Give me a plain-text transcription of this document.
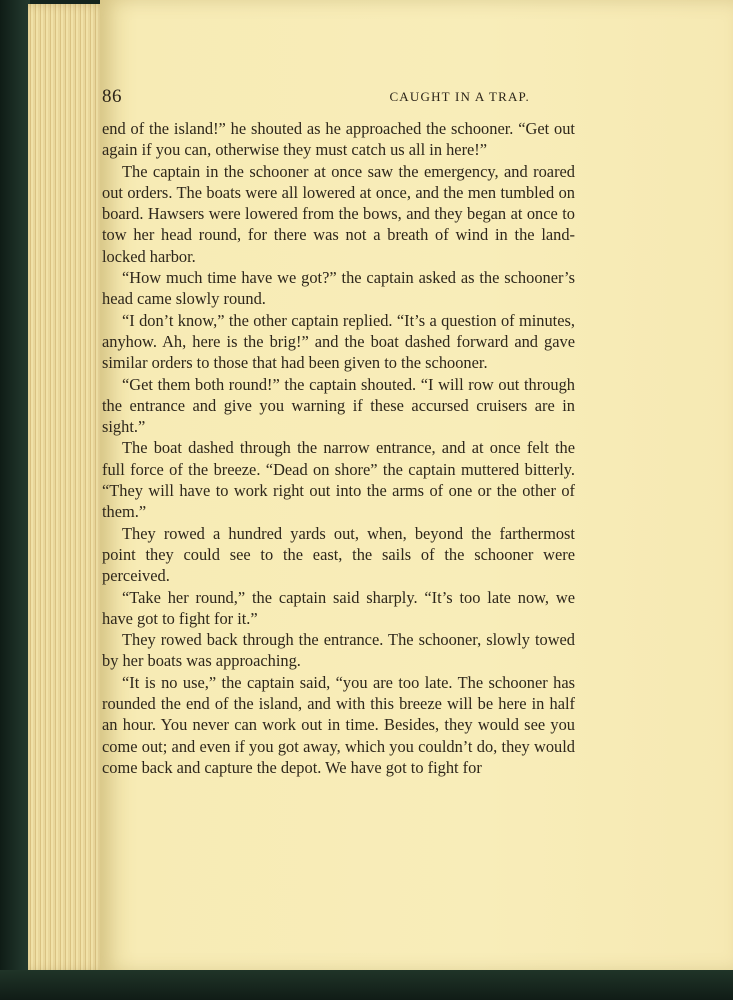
86	CAUGHT IN A TRAP.

end of the island!” he shouted as he approached the schooner. “Get out again if you can, otherwise they must catch us all in here!”

The captain in the schooner at once saw the emergency, and roared out orders. The boats were all lowered at once, and the men tumbled on board. Hawsers were lowered from the bows, and they began at once to tow her head round, for there was not a breath of wind in the land-locked harbor.

“How much time have we got?” the captain asked as the schooner’s head came slowly round.

“I don’t know,” the other captain replied. “It’s a question of minutes, anyhow. Ah, here is the brig!” and the boat dashed forward and gave similar orders to those that had been given to the schooner.

“Get them both round!” the captain shouted. “I will row out through the entrance and give you warning if these accursed cruisers are in sight.”

The boat dashed through the narrow entrance, and at once felt the full force of the breeze. “Dead on shore” the captain muttered bitterly. “They will have to work right out into the arms of one or the other of them.”

They rowed a hundred yards out, when, beyond the farthermost point they could see to the east, the sails of the schooner were perceived.

“Take her round,” the captain said sharply. “It’s too late now, we have got to fight for it.”

They rowed back through the entrance. The schooner, slowly towed by her boats was approaching.

“It is no use,” the captain said, “you are too late. The schooner has rounded the end of the island, and with this breeze will be here in half an hour. You never can work out in time. Besides, they would see you come out; and even if you got away, which you couldn’t do, they would come back and capture the depot. We have got to fight for
